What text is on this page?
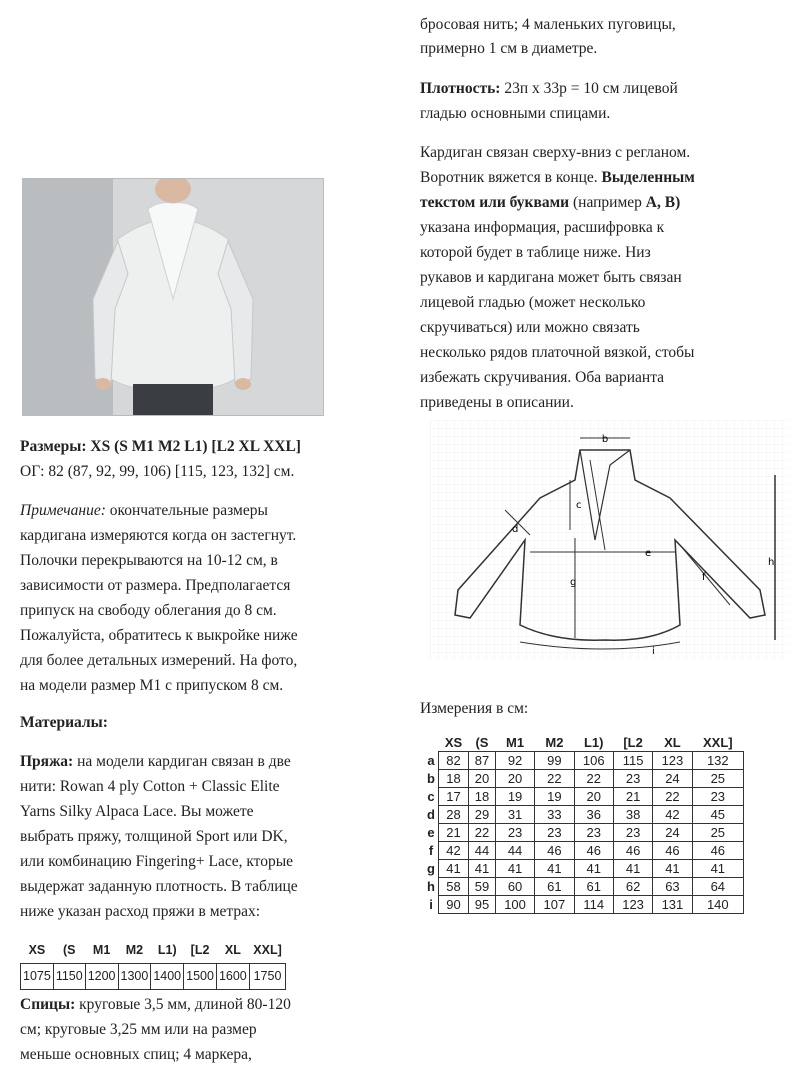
Размеры: XS (S M1 M2 L1) [L2 XL XXL]

ОГ: 82 (87, 92, 99, 106) [115, 123, 132] см.

Примечание: окончательные размеры

кардигана измеряются когда он застегнут.

Полочки перекрываются на 10-12 см, в

зависимости от размера. Предполагается

припуск на свободу облегания до 8 см.

Пожалуйста, обратитесь к выкройке ниже

для более детальных измерений. На фото,

на модели размер М1 с припуском 8 см.

Материалы:

Пряжа: на модели кардиган связан в две

нити: Rowan 4 ply Cotton + Classic Elite

Yarns Silky Alpaca Lace. Вы можете

выбрать пряжу, толщиной Sport или DK,

или комбинацию Fingering+ Lace, кторые

выдержат заданную плотность. В таблице

ниже указан расход пряжи в метрах:

XS	(S	M1	M2	L1)	[L2	XL	XXL]
1075	1150	1200	1300	1400	1500	1600	1750

Спицы: круговые 3,5 мм, длиной 80-120

см; круговые 3,25 мм или на размер

меньше основных спиц; 4 маркера,

бросовая нить; 4 маленьких пуговицы,

примерно 1 см в диаметре.

Плотность: 23п х 33р = 10 см лицевой

гладью основными спицами.

Кардиган связан сверху-вниз с регланом.

Воротник вяжется в конце. Выделенным

текстом или буквами (например А, В)

указана информация, расшифровка к

которой будет в таблице ниже. Низ

рукавов и кардигана может быть связан

лицевой гладью (может несколько

скручиваться) или можно связать

несколько рядов платочной вязкой, стобы

избежать скручивания. Оба варианта

приведены в описании.

Измерения в см:

b
c
d
e
g	f
h
i
	XS	(S	M1	M2	L1)	[L2	XL	XXL]
a	82	87	92	99	106	115	123	132
b	18	20	20	22	22	23	24	25
c	17	18	19	19	20	21	22	23
d	28	29	31	33	36	38	42	45
e	21	22	23	23	23	23	24	25
f	42	44	44	46	46	46	46	46
g	41	41	41	41	41	41	41	41
h	58	59	60	61	61	62	63	64
i	90	95	100	107	114	123	131	140
